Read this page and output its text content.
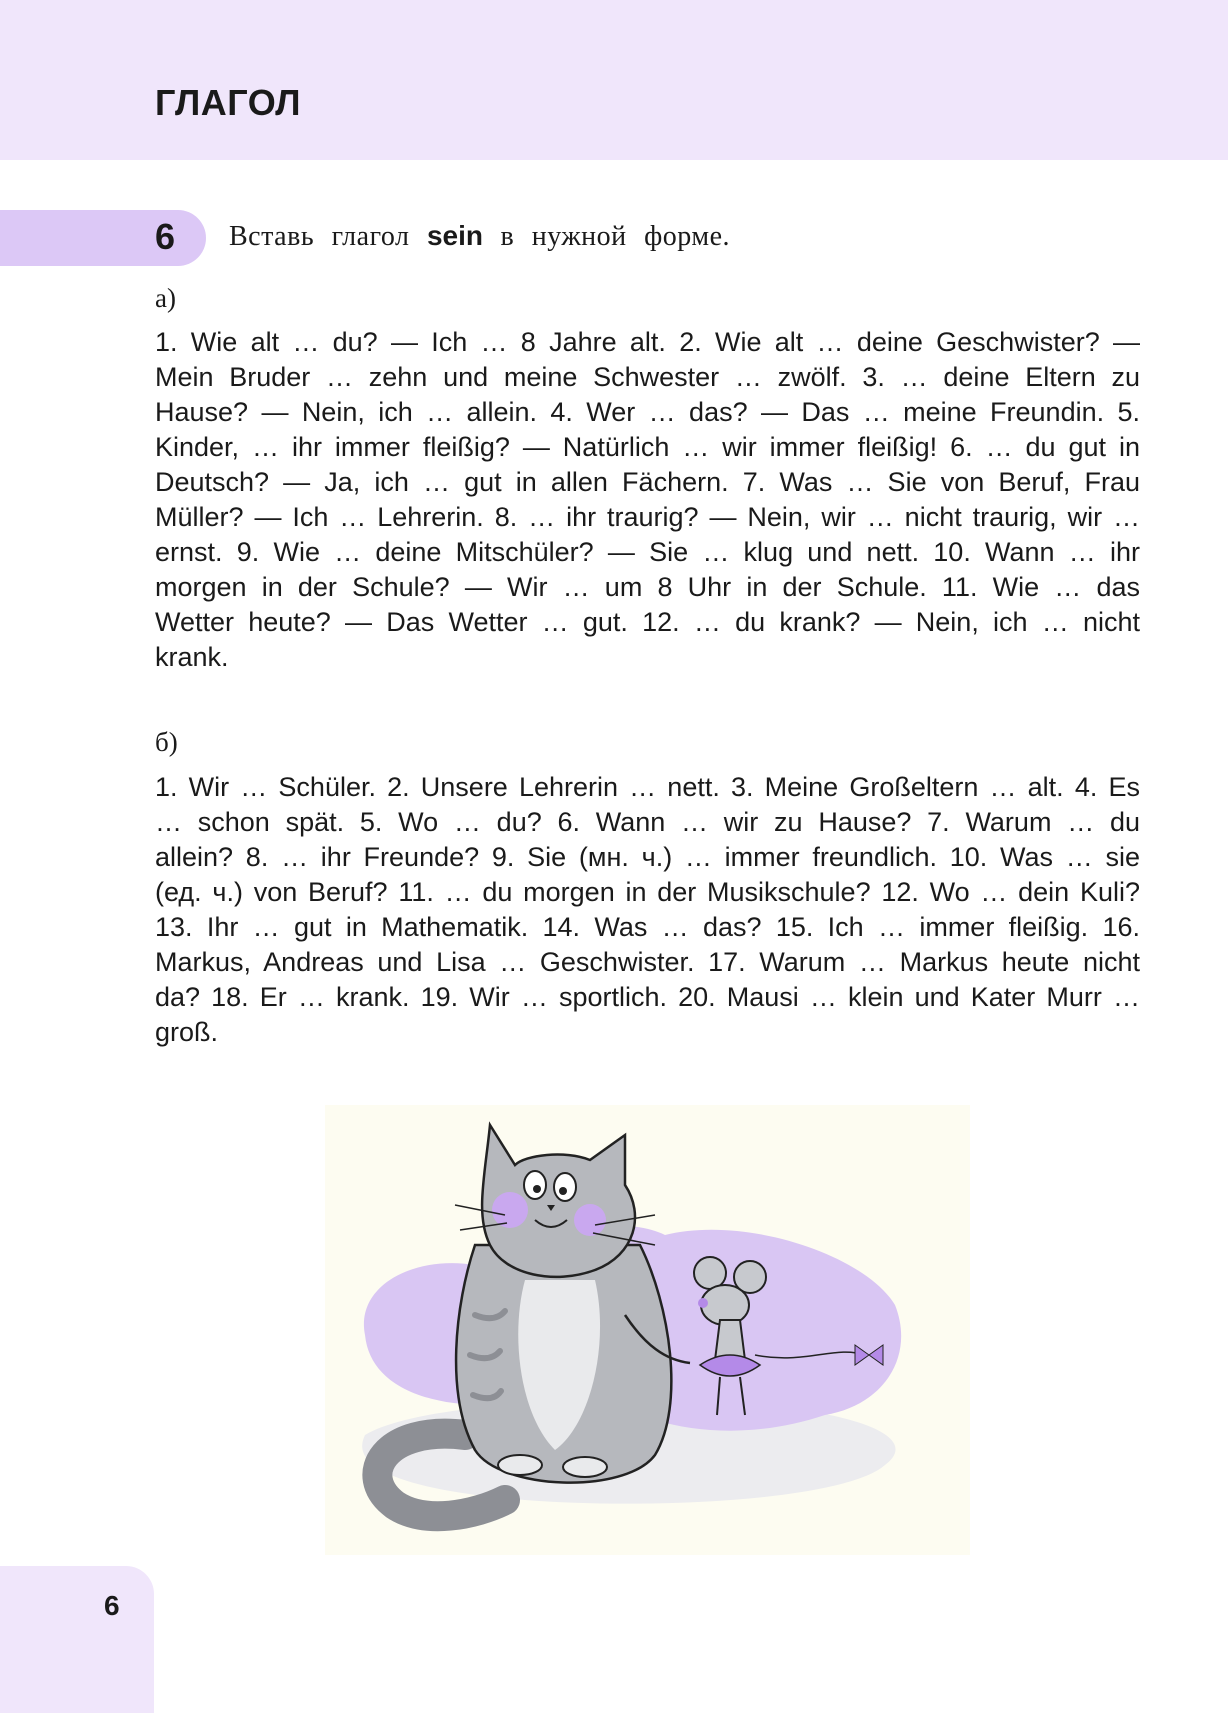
ГЛАГОЛ
6 Вставь глагол sein в нужной форме.
а)

1. Wie alt … du? — Ich … 8 Jahre alt. 2. Wie alt … deine Geschwister? — Mein Bruder … zehn und meine Schwester … zwölf. 3. … deine Eltern zu Hause? — Nein, ich … allein. 4. Wer … das? — Das … meine Freundin. 5. Kinder, … ihr immer fleißig? — Natürlich … wir immer fleißig! 6. … du gut in Deutsch? — Ja, ich … gut in allen Fächern. 7. Was … Sie von Beruf, Frau Müller? — Ich … Lehrerin. 8. … ihr traurig? — Nein, wir … nicht traurig, wir … ernst. 9. Wie … deine Mitschüler? — Sie … klug und nett. 10. Wann … ihr morgen in der Schule? — Wir … um 8 Uhr in der Schule. 11. Wie … das Wetter heute? — Das Wetter … gut. 12. … du krank? — Nein, ich … nicht krank.

б)

1. Wir … Schüler. 2. Unsere Lehrerin … nett. 3. Meine Großeltern … alt. 4. Es … schon spät. 5. Wo … du? 6. Wann … wir zu Hause? 7. Warum … du allein? 8. … ihr Freunde? 9. Sie (мн. ч.) … immer freundlich. 10. Was … sie (ед. ч.) von Beruf? 11. … du morgen in der Musikschule? 12. Wo … dein Kuli? 13. Ihr … gut in Mathematik. 14. Was … das? 15. Ich … immer fleißig. 16. Markus, Andreas und Lisa … Geschwister. 17. Warum … Markus heute nicht da? 18. Er … krank. 19. Wir … sportlich. 20. Mausi … klein und Kater Murr … groß.

6
